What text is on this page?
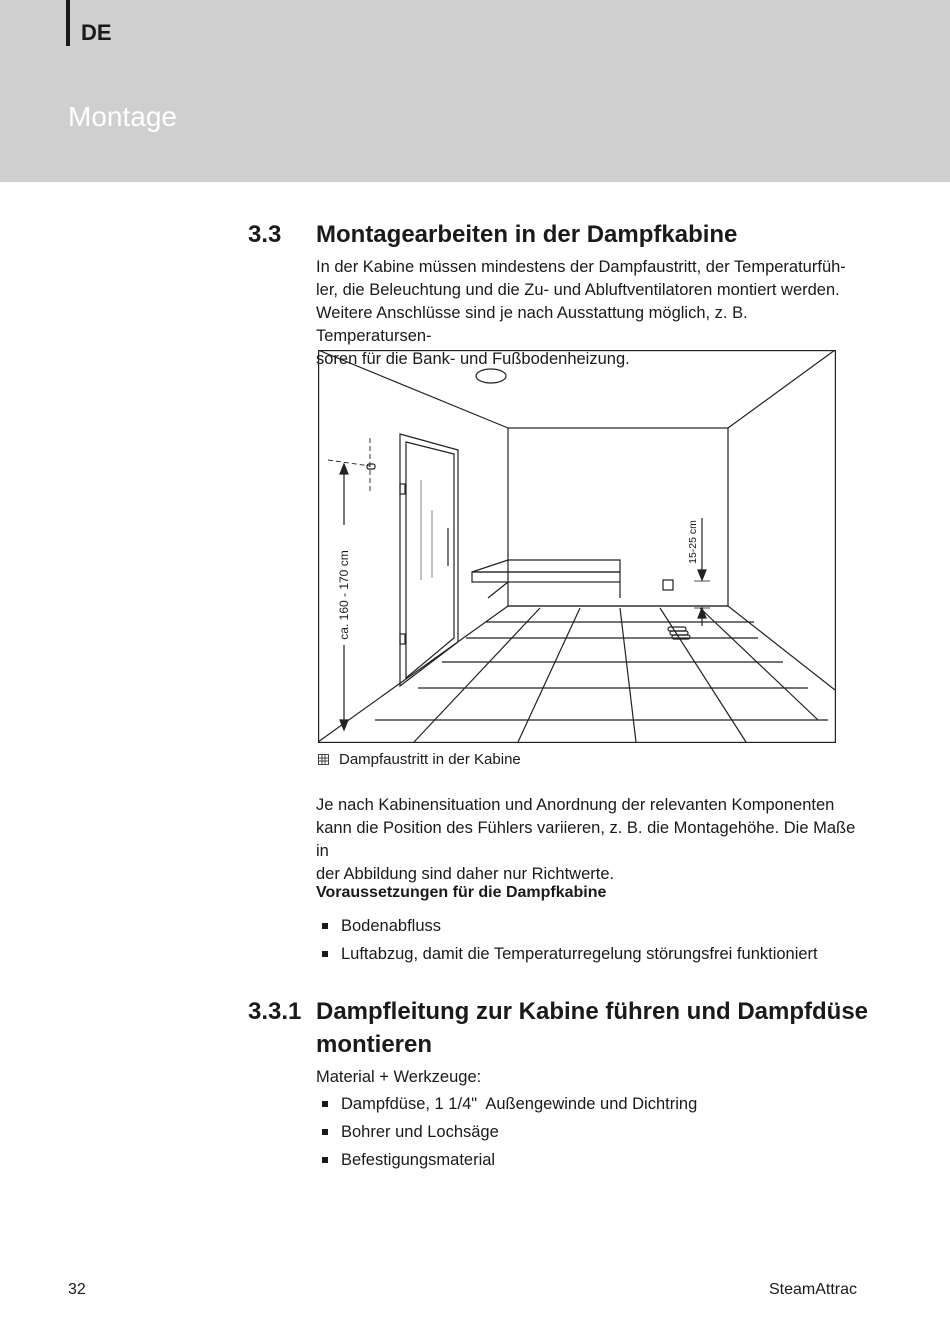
DE
Montage
3.3 Montagearbeiten in der Dampfkabine

In der Kabine müssen mindestens der Dampfaustritt, der Temperaturfüh-

ler, die Beleuchtung und die Zu- und Abluftventilatoren montiert werden.

Weitere Anschlüsse sind je nach Ausstattung möglich, z. B. Temperatursen-

soren für die Bank- und Fußbodenheizung.

ca. 160 - 170 cm
15-25 cm
Dampfaustritt in der Kabine

Je nach Kabinensituation und Anordnung der relevanten Komponenten

kann die Position des Fühlers variieren, z. B. die Montagehöhe. Die Maße in

der Abbildung sind daher nur Richtwerte.

Voraussetzungen für die Dampfkabine
Bodenabfluss
Luftabzug, damit die Temperaturregelung störungsfrei funktioniert
3.3.1 Dampfleitung zur Kabine führen und Dampfdüse
montieren
Material + Werkzeuge:
Dampfdüse, 1 1/4"  Außengewinde und Dichtring
Bohrer und Lochsäge
Befestigungsmaterial
32	SteamAttrac
